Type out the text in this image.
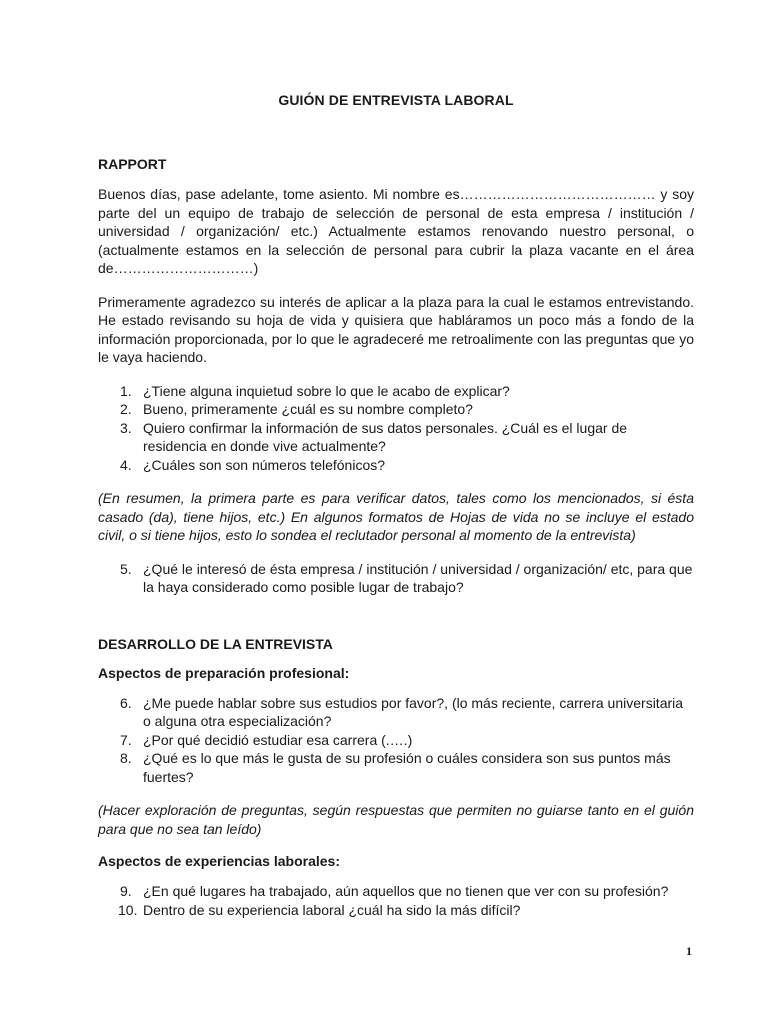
GUIÓN DE ENTREVISTA LABORAL
RAPPORT

Buenos días, pase adelante, tome asiento. Mi nombre es…………………………………… y soy parte del un equipo de trabajo de selección de personal de esta empresa / institución / universidad / organización/ etc.) Actualmente estamos renovando nuestro personal, o (actualmente estamos en la selección de personal para cubrir la plaza vacante en el área de…………………………)

Primeramente agradezco su interés de aplicar a la plaza para la cual le estamos entrevistando. He estado revisando su hoja de vida y quisiera que habláramos un poco más a fondo de la información proporcionada, por lo que le agradeceré me retroalimente con las preguntas que yo le vaya haciendo.

1. ¿Tiene alguna inquietud sobre lo que le acabo de explicar?
2. Bueno, primeramente ¿cuál es su nombre completo?
3. Quiero confirmar la información de sus datos personales. ¿Cuál es el lugar de residencia en donde vive actualmente?
4. ¿Cuáles son son números telefónicos?

(En resumen, la primera parte es para verificar datos, tales como los mencionados, si ésta casado (da), tiene hijos, etc.) En algunos formatos de Hojas de vida no se incluye el estado civil, o si tiene hijos, esto lo sondea el reclutador personal al momento de la entrevista)

5. ¿Qué le interesó de ésta empresa / institución / universidad / organización/ etc, para que la haya considerado como posible lugar de trabajo?
DESARROLLO DE LA ENTREVISTA
Aspectos de preparación profesional:
6. ¿Me puede hablar sobre sus estudios por favor?, (lo más reciente, carrera universitaria o alguna otra especialización?
7. ¿Por qué decidió estudiar esa carrera (.….)
8. ¿Qué es lo que más le gusta de su profesión o cuáles considera son sus puntos más fuertes?

(Hacer exploración de preguntas, según respuestas que permiten no guiarse tanto en el guión para que no sea tan leído)

Aspectos de experiencias laborales:
9. ¿En qué lugares ha trabajado, aún aquellos que no tienen que ver con su profesión?
10. Dentro de su experiencia laboral ¿cuál ha sido la más difícil?
1
